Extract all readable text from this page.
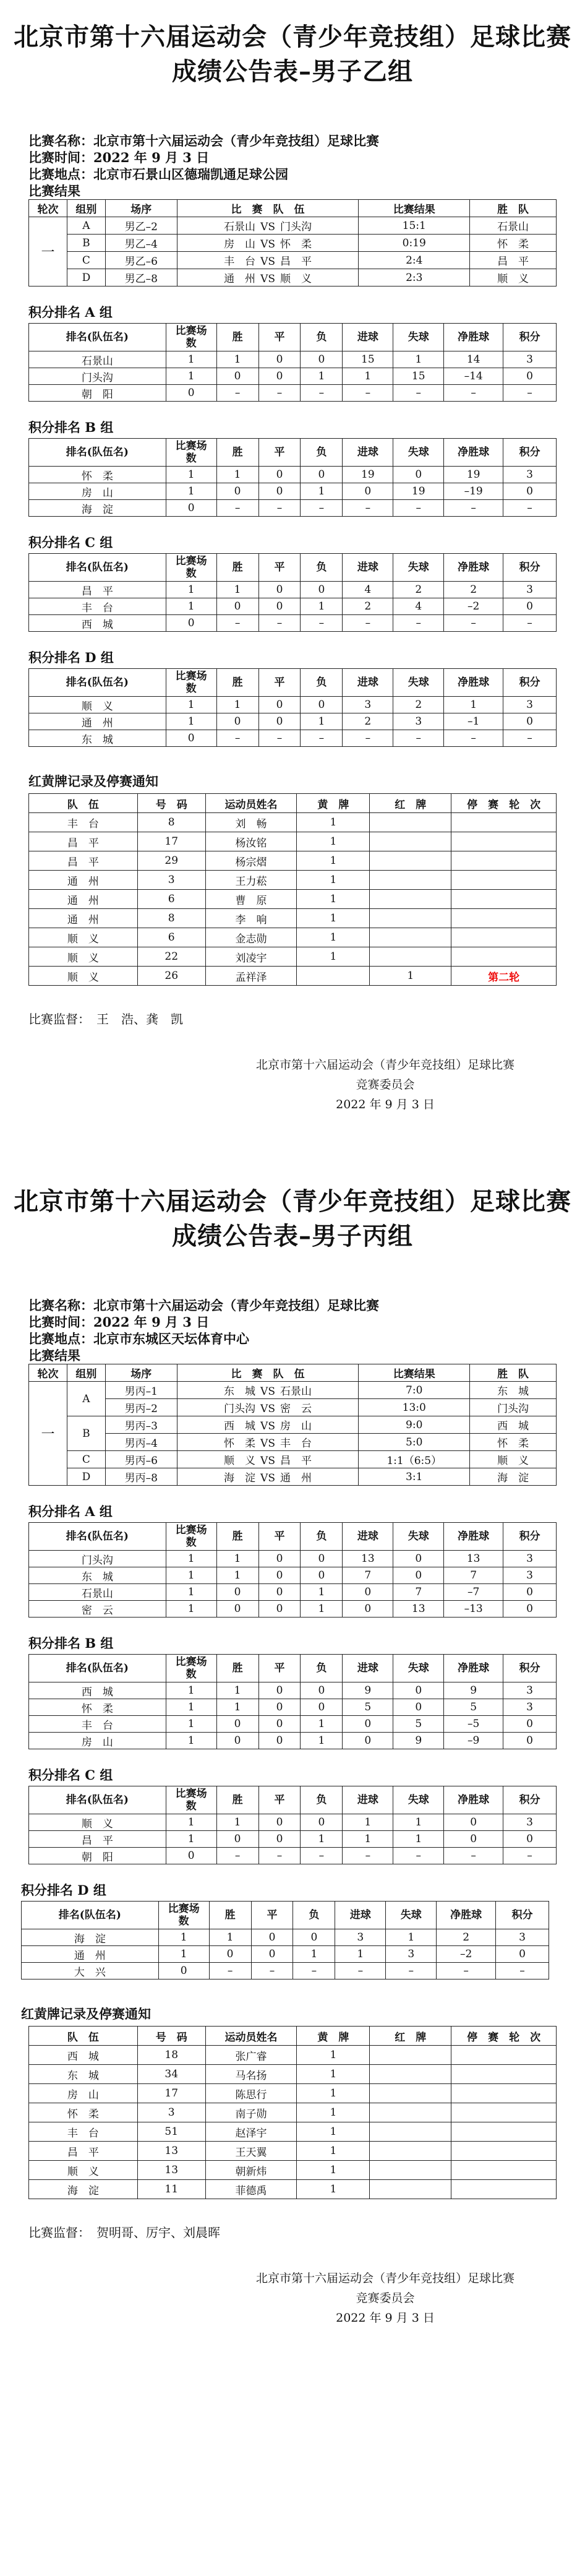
北京市第十六届运动会（青少年竞技组）足球比赛
成绩公告表–男子乙组
比赛名称：北京市第十六届运动会（青少年竞技组）足球比赛
比赛时间：2022 年 9 月 3 日
比赛地点：北京市石景山区德瑞凯通足球公园
比赛结果
轮次	组别	场序	比　赛　队　伍	比赛结果	胜　队
一	A	男乙–2	石景山 VS 门头沟	15:1	石景山
	B	男乙–4	房　山 VS 怀　柔	0:19	怀　柔
	C	男乙–6	丰　台 VS 昌　平	2:4	昌　平
	D	男乙–8	通　州 VS 顺　义	2:3	顺　义
积分排名 A 组
排名(队伍名)	比赛场数	胜	平	负	进球	失球	净胜球	积分
石景山	1	1	0	0	15	1	14	3
门头沟	1	0	0	1	1	15	–14	0
朝　阳	0	–	–	–	–	–	–	–
积分排名 B 组
排名(队伍名)	比赛场数	胜	平	负	进球	失球	净胜球	积分
怀　柔	1	1	0	0	19	0	19	3
房　山	1	0	0	1	0	19	–19	0
海　淀	0	–	–	–	–	–	–	–
积分排名 C 组
排名(队伍名)	比赛场数	胜	平	负	进球	失球	净胜球	积分
昌　平	1	1	0	0	4	2	2	3
丰　台	1	0	0	1	2	4	–2	0
西　城	0	–	–	–	–	–	–	–
积分排名 D 组
排名(队伍名)	比赛场数	胜	平	负	进球	失球	净胜球	积分
顺　义	1	1	0	0	3	2	1	3
通　州	1	0	0	1	2	3	–1	0
东　城	0	–	–	–	–	–	–	–
红黄牌记录及停赛通知
队　伍	号　码	运动员姓名	黄　牌	红　牌	停　赛　轮　次
丰　台	8	刘　畅	1		
昌　平	17	杨汝铭	1		
昌　平	29	杨宗熠	1		
通　州	3	王力菘	1		
通　州	6	曹　原	1		
通　州	8	李　响	1		
顺　义	6	金志勋	1		
顺　义	22	刘凌宇	1		
顺　义	26	孟祥泽		1	第二轮
比赛监督：　王　浩、龚　凯
北京市第十六届运动会（青少年竞技组）足球比赛
竞赛委员会
2022 年 9 月 3 日
北京市第十六届运动会（青少年竞技组）足球比赛
成绩公告表–男子丙组
比赛名称：北京市第十六届运动会（青少年竞技组）足球比赛
比赛时间：2022 年 9 月 3 日
比赛地点：北京市东城区天坛体育中心
比赛结果
轮次	组别	场序	比　赛　队　伍	比赛结果	胜　队
一	A	男丙–1	东　城 VS 石景山	7:0	东　城
		男丙–2	门头沟 VS 密　云	13:0	门头沟
	B	男丙–3	西　城 VS 房　山	9:0	西　城
		男丙–4	怀　柔 VS 丰　台	5:0	怀　柔
	C	男丙–6	顺　义 VS 昌　平	1:1（6:5）	顺　义
	D	男丙–8	海　淀 VS 通　州	3:1	海　淀
积分排名 A 组
排名(队伍名)	比赛场数	胜	平	负	进球	失球	净胜球	积分
门头沟	1	1	0	0	13	0	13	3
东　城	1	1	0	0	7	0	7	3
石景山	1	0	0	1	0	7	–7	0
密　云	1	0	0	1	0	13	–13	0
积分排名 B 组
排名(队伍名)	比赛场数	胜	平	负	进球	失球	净胜球	积分
西　城	1	1	0	0	9	0	9	3
怀　柔	1	1	0	0	5	0	5	3
丰　台	1	0	0	1	0	5	–5	0
房　山	1	0	0	1	0	9	–9	0
积分排名 C 组
排名(队伍名)	比赛场数	胜	平	负	进球	失球	净胜球	积分
顺　义	1	1	0	0	1	1	0	3
昌　平	1	0	0	1	1	1	0	0
朝　阳	0	–	–	–	–	–	–	–
积分排名 D 组
排名(队伍名)	比赛场数	胜	平	负	进球	失球	净胜球	积分
海　淀	1	1	0	0	3	1	2	3
通　州	1	0	0	1	1	3	–2	0
大　兴	0	–	–	–	–	–	–	–
红黄牌记录及停赛通知
队　伍	号　码	运动员姓名	黄　牌	红　牌	停　赛　轮　次
西　城	18	张广睿	1		
东　城	34	马名扬	1		
房　山	17	陈思行	1		
怀　柔	3	南子勋	1		
丰　台	51	赵泽宇	1		
昌　平	13	王天翼	1		
顺　义	13	朝新炜	1		
海　淀	11	菲德禹	1		
比赛监督：　贺明哥、厉宇、刘晨晖
北京市第十六届运动会（青少年竞技组）足球比赛
竞赛委员会
2022 年 9 月 3 日
